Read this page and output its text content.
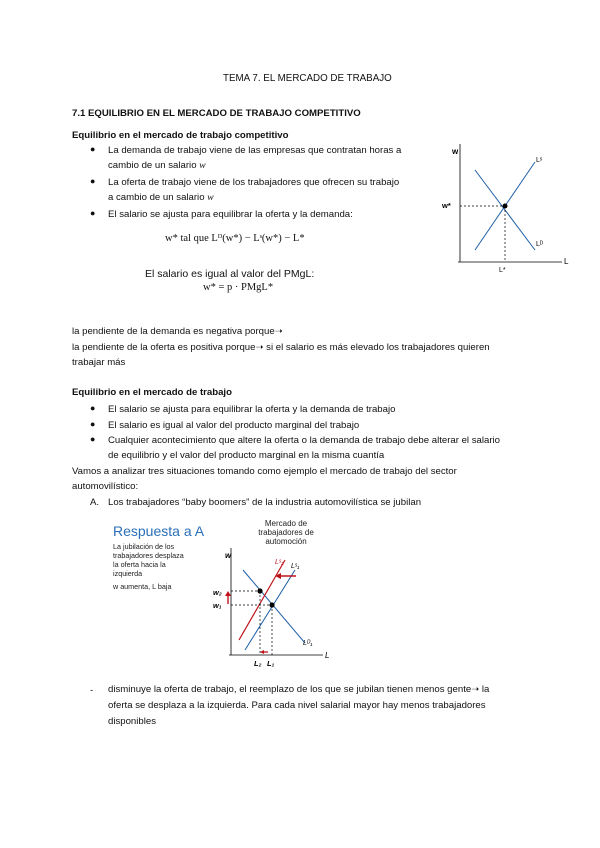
TEMA 7. EL MERCADO DE TRABAJO
7.1 EQUILIBRIO EN EL MERCADO DE TRABAJO COMPETITIVO
Equilibrio en el mercado de trabajo competitivo
● La demanda de trabajo viene de las empresas que contratan horas a
cambio de un salario w
● La oferta de trabajo viene de los trabajadores que ofrecen su trabajo
a cambio de un salario w
● El salario se ajusta para equilibrar la oferta y la demanda:
w* tal que Lᴰ(w*) − Lˢ(w*) − L*
El salario es igual al valor del PMgL:
w* = p · PMgL*
w
L
w*
L*
Lˢ
Lᴰ
la pendiente de la demanda es negativa porque➝
la pendiente de la oferta es positiva porque➝ si el salario es más elevado los trabajadores quieren
trabajar más
Equilibrio en el mercado de trabajo
● El salario se ajusta para equilibrar la oferta y la demanda de trabajo
● El salario es igual al valor del producto marginal del trabajo
● Cualquier acontecimiento que altere la oferta o la demanda de trabajo debe alterar el salario
de equilibrio y el valor del producto marginal en la misma cuantía
Vamos a analizar tres situaciones tomando como ejemplo el mercado de trabajo del sector
automovilístico:
A. Los trabajadores “baby boomers” de la industria automovilística se jubilan
Respuesta a A
La jubilación de los
trabajadores desplaza
la oferta hacia la
izquierda
w aumenta, L baja
Mercado de
trabajadores de
automoción
w
L
w₂
w₁
L₂ L₁
Lˢ₂
Lˢ₁
Lᴰ₁
- disminuye la oferta de trabajo, el reemplazo de los que se jubilan tienen menos gente➝ la
oferta se desplaza a la izquierda. Para cada nivel salarial mayor hay menos trabajadores
disponibles
